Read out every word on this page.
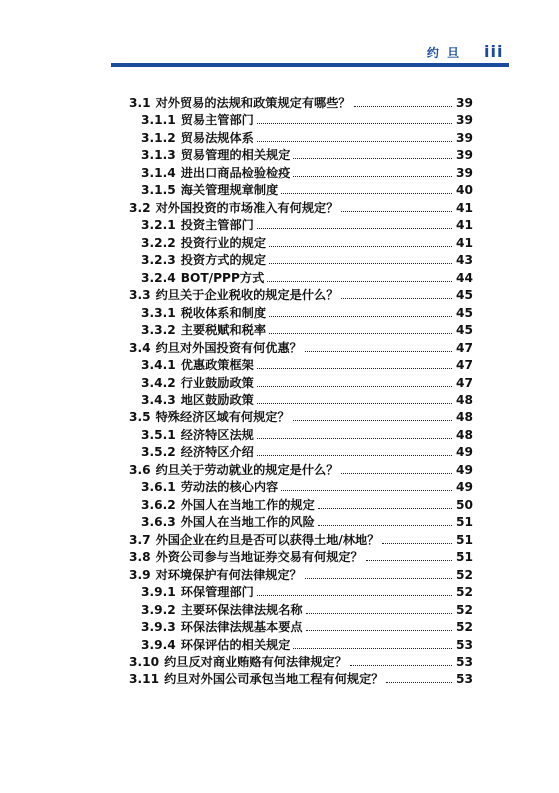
约 旦	iii
3.1 对外贸易的法规和政策规定有哪些？	39
3.1.1 贸易主管部门	39
3.1.2 贸易法规体系	39
3.1.3 贸易管理的相关规定	39
3.1.4 进出口商品检验检疫	39
3.1.5 海关管理规章制度	40
3.2 对外国投资的市场准入有何规定？	41
3.2.1 投资主管部门	41
3.2.2 投资行业的规定	41
3.2.3 投资方式的规定	43
3.2.4 BOT/PPP方式	44
3.3 约旦关于企业税收的规定是什么？	45
3.3.1 税收体系和制度	45
3.3.2 主要税赋和税率	45
3.4 约旦对外国投资有何优惠？	47
3.4.1 优惠政策框架	47
3.4.2 行业鼓励政策	47
3.4.3 地区鼓励政策	48
3.5 特殊经济区域有何规定？	48
3.5.1 经济特区法规	48
3.5.2 经济特区介绍	49
3.6 约旦关于劳动就业的规定是什么？	49
3.6.1 劳动法的核心内容	49
3.6.2 外国人在当地工作的规定	50
3.6.3 外国人在当地工作的风险	51
3.7 外国企业在约旦是否可以获得土地/林地？	51
3.8 外资公司参与当地证券交易有何规定？	51
3.9 对环境保护有何法律规定？	52
3.9.1 环保管理部门	52
3.9.2 主要环保法律法规名称	52
3.9.3 环保法律法规基本要点	52
3.9.4 环保评估的相关规定	53
3.10 约旦反对商业贿赂有何法律规定？	53
3.11 约旦对外国公司承包当地工程有何规定？	53
